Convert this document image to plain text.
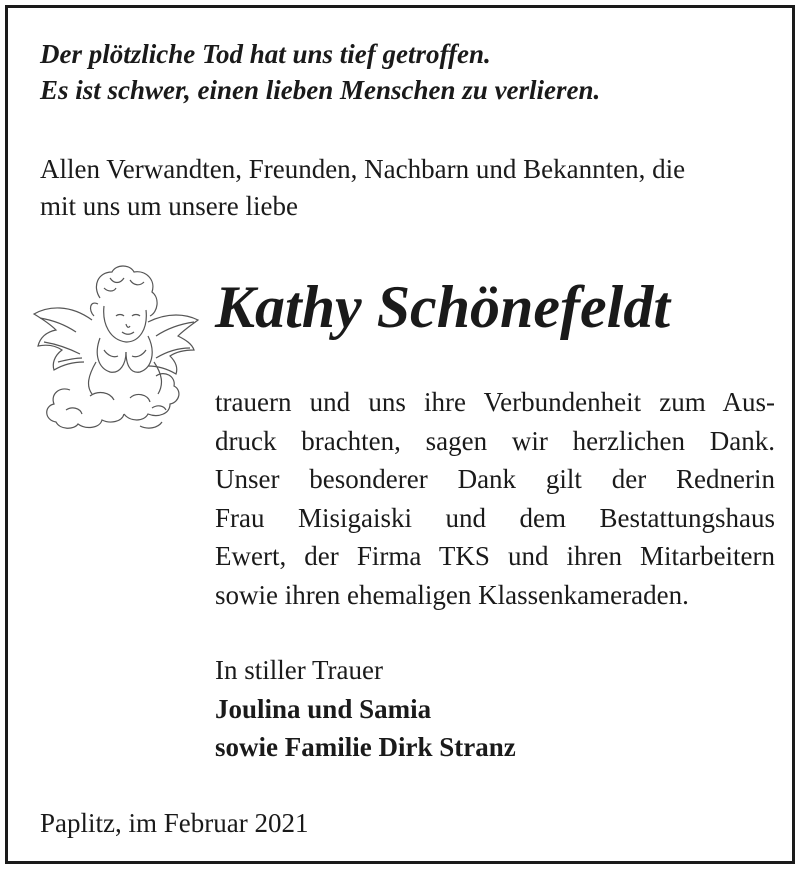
Der plötzliche Tod hat uns tief getroffen.
Es ist schwer, einen lieben Menschen zu verlieren.
Allen Verwandten, Freunden, Nachbarn und Bekannten, die
mit uns um unsere liebe
Kathy Schönefeldt
trauern und uns ihre Verbundenheit zum Aus-
druck brachten, sagen wir herzlichen Dank.
Unser besonderer Dank gilt der Rednerin
Frau Misigaiski und dem Bestattungshaus
Ewert, der Firma TKS und ihren Mitarbeitern
sowie ihren ehemaligen Klassenkameraden.
In stiller Trauer
Joulina und Samia
sowie Familie Dirk Stranz
Paplitz, im Februar 2021
